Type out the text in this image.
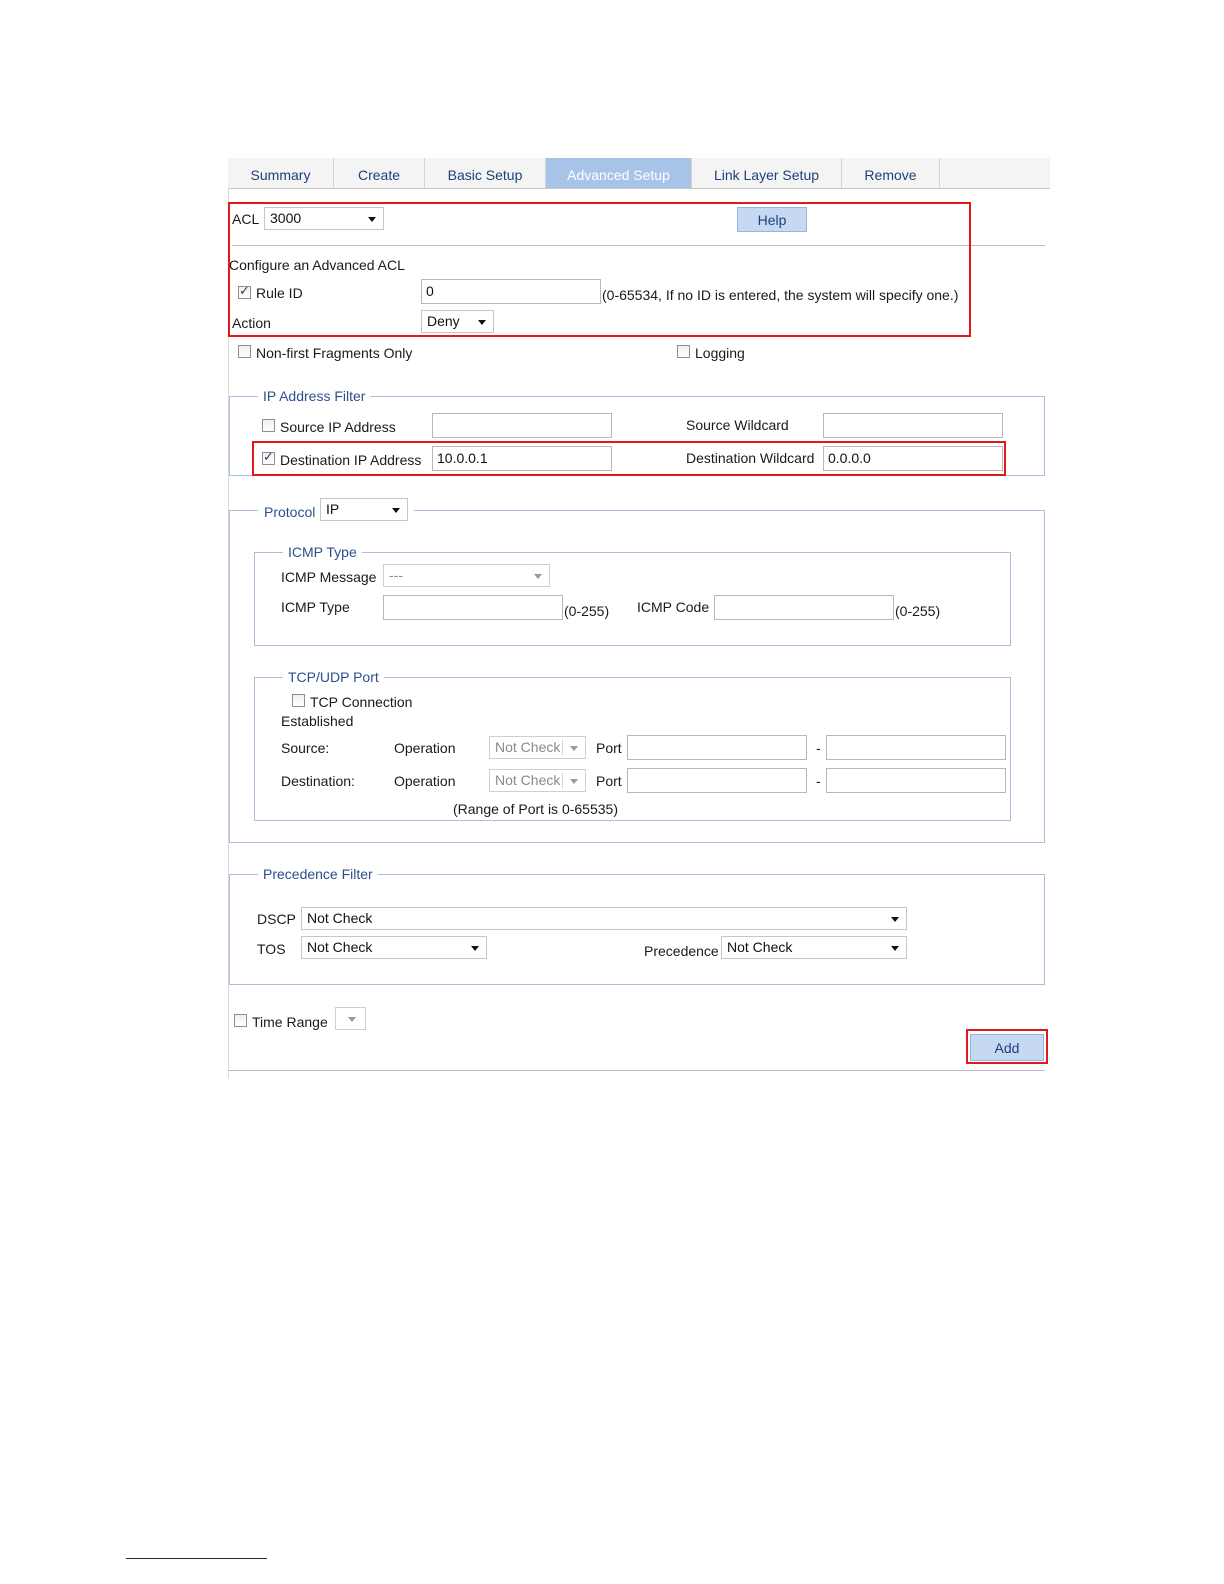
Summary	Create	Basic Setup	Advanced Setup	Link Layer Setup	Remove
ACL 3000	Help
Configure an Advanced ACL
✓
Rule ID	0	(0-65534, If no ID is entered, the system will specify one.)
Action	Deny
Non-first Fragments Only	Logging
IP Address Filter
Source IP Address	Source Wildcard
✓
Destination IP Address	10.0.0.1	Destination Wildcard 0.0.0.0
Protocol IP
ICMP Type
ICMP Message ---
ICMP Type	(0-255) ICMP Code	(0-255)
TCP/UDP Port
TCP Connection
Established
Source:	Operation	Not Check	Port	-
Destination:	Operation	Not Check	Port	-
(Range of Port is 0-65535)
Precedence Filter
DSCP Not Check
TOS	Not Check	Precedence Not Check
Time Range
Add
